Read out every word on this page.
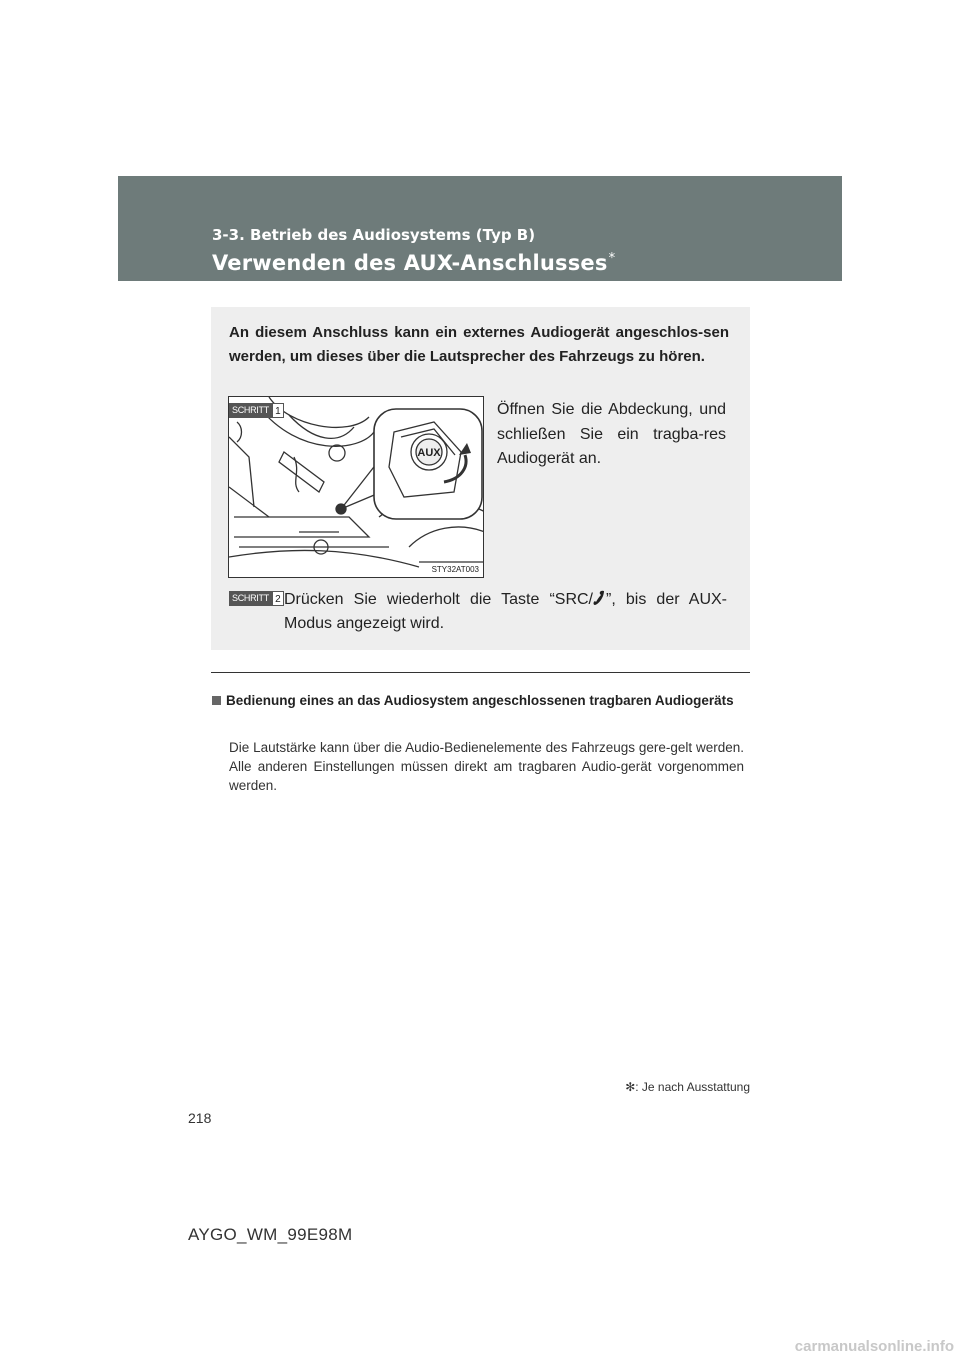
3-3. Betrieb des Audiosystems (Typ B)
Verwenden des AUX-Anschlusses*
An diesem Anschluss kann ein externes Audiogerät angeschlos-sen werden, um dieses über die Lautsprecher des Fahrzeugs zu hören.
AUX
STY32AT003
SCHRITT 1	Öffnen Sie die Abdeckung, und schließen Sie ein tragba-res Audiogerät an.
SCHRITT 2 Drücken Sie wiederholt die Taste “SRC/ ”, bis der AUX-Modus angezeigt wird.
Bedienung eines an das Audiosystem angeschlossenen tragbaren Audiogeräts
Die Lautstärke kann über die Audio-Bedienelemente des Fahrzeugs gere-gelt werden. Alle anderen Einstellungen müssen direkt am tragbaren Audio-gerät vorgenommen werden.
✻: Je nach Ausstattung
218
AYGO_WM_99E98M
carmanualsonline.info
